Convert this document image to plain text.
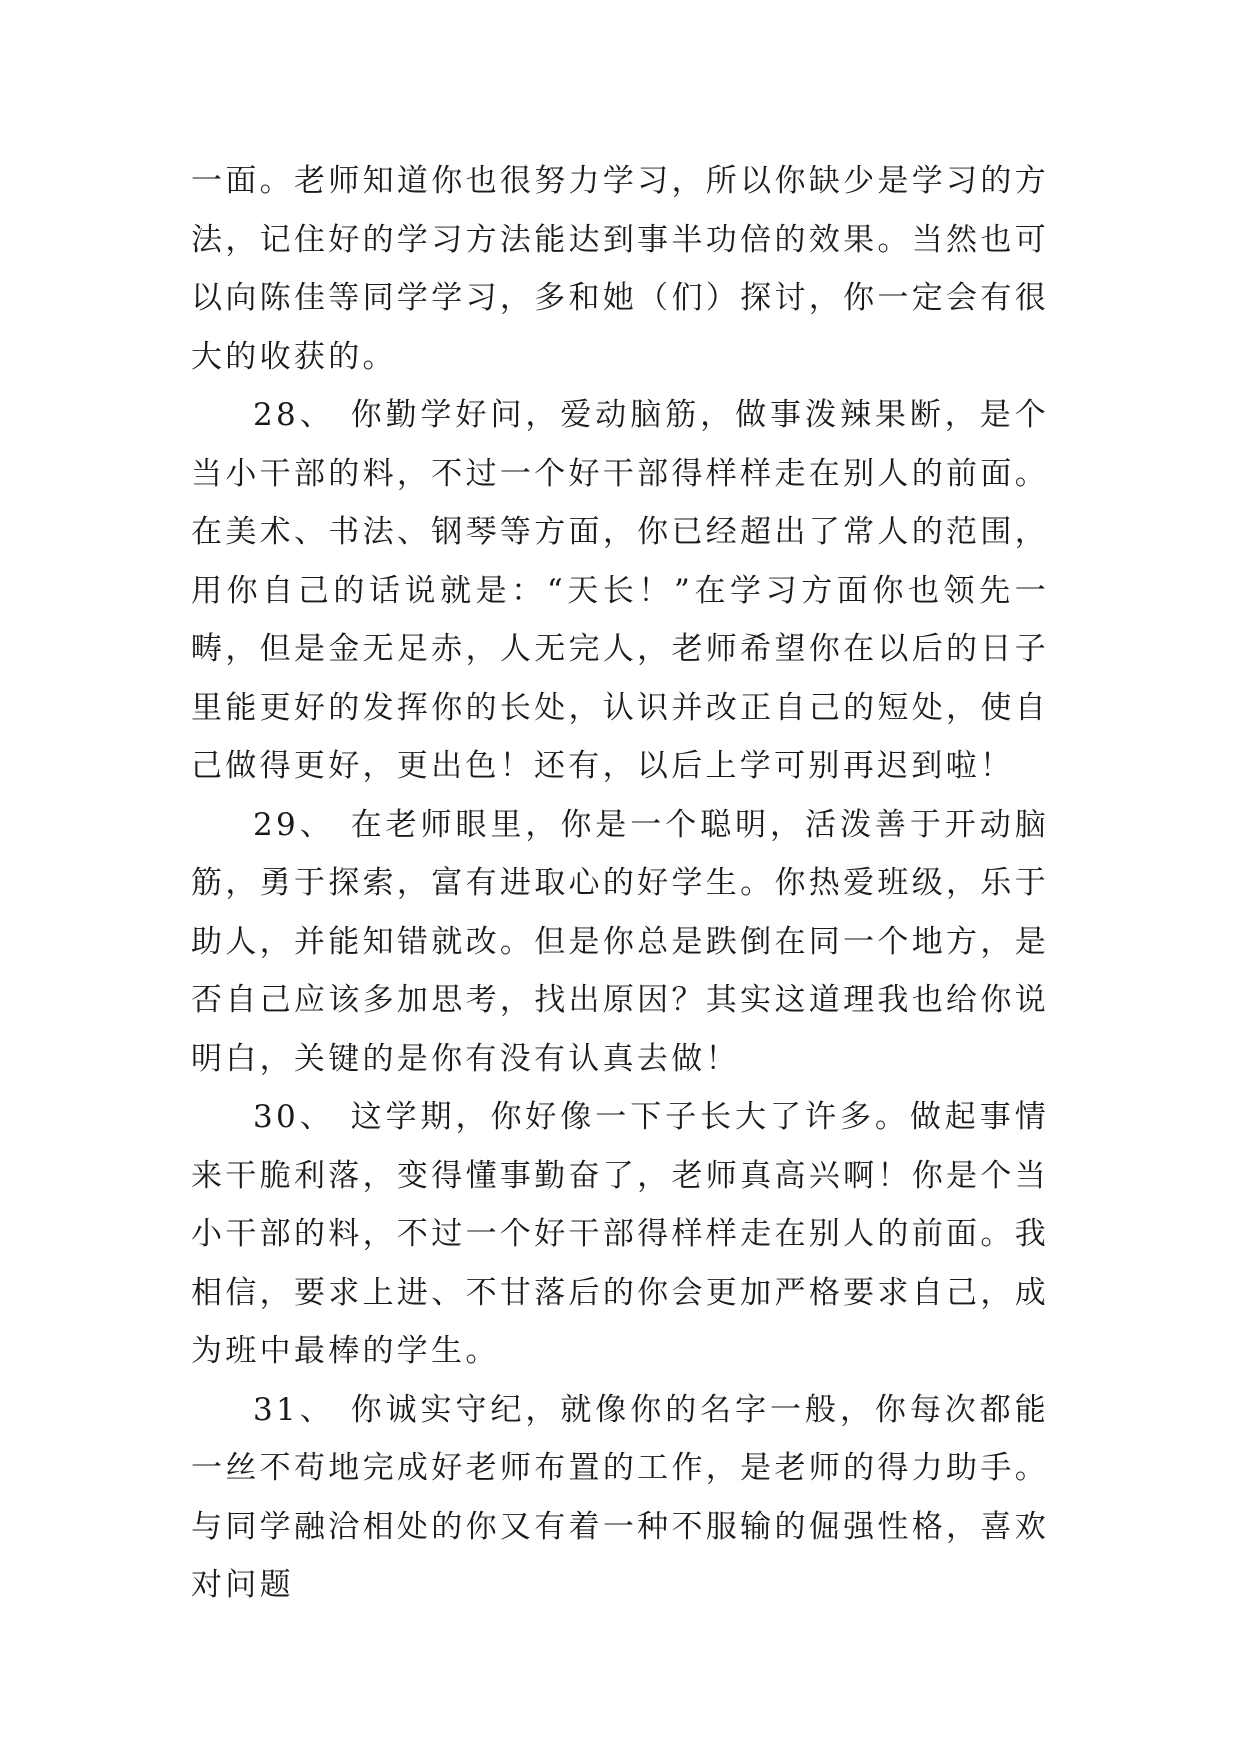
一面。老师知道你也很努力学习，所以你缺少是学习的方法，记住好的学习方法能达到事半功倍的效果。当然也可以向陈佳等同学学习，多和她（们）探讨，你一定会有很大的收获的。

28、 你勤学好问，爱动脑筋，做事泼辣果断，是个当小干部的料，不过一个好干部得样样走在别人的前面。在美术、书法、钢琴等方面，你已经超出了常人的范围，用你自己的话说就是：“天长！”在学习方面你也领先一畴，但是金无足赤，人无完人，老师希望你在以后的日子里能更好的发挥你的长处，认识并改正自己的短处，使自己做得更好，更出色！还有，以后上学可别再迟到啦！

29、 在老师眼里，你是一个聪明，活泼善于开动脑筋，勇于探索，富有进取心的好学生。你热爱班级，乐于助人，并能知错就改。但是你总是跌倒在同一个地方，是否自己应该多加思考，找出原因？其实这道理我也给你说明白，关键的是你有没有认真去做！

30、 这学期，你好像一下子长大了许多。做起事情来干脆利落，变得懂事勤奋了，老师真高兴啊！你是个当小干部的料，不过一个好干部得样样走在别人的前面。我相信，要求上进、不甘落后的你会更加严格要求自己，成为班中最棒的学生。

31、 你诚实守纪，就像你的名字一般，你每次都能一丝不苟地完成好老师布置的工作，是老师的得力助手。与同学融洽相处的你又有着一种不服输的倔强性格，喜欢对问题
